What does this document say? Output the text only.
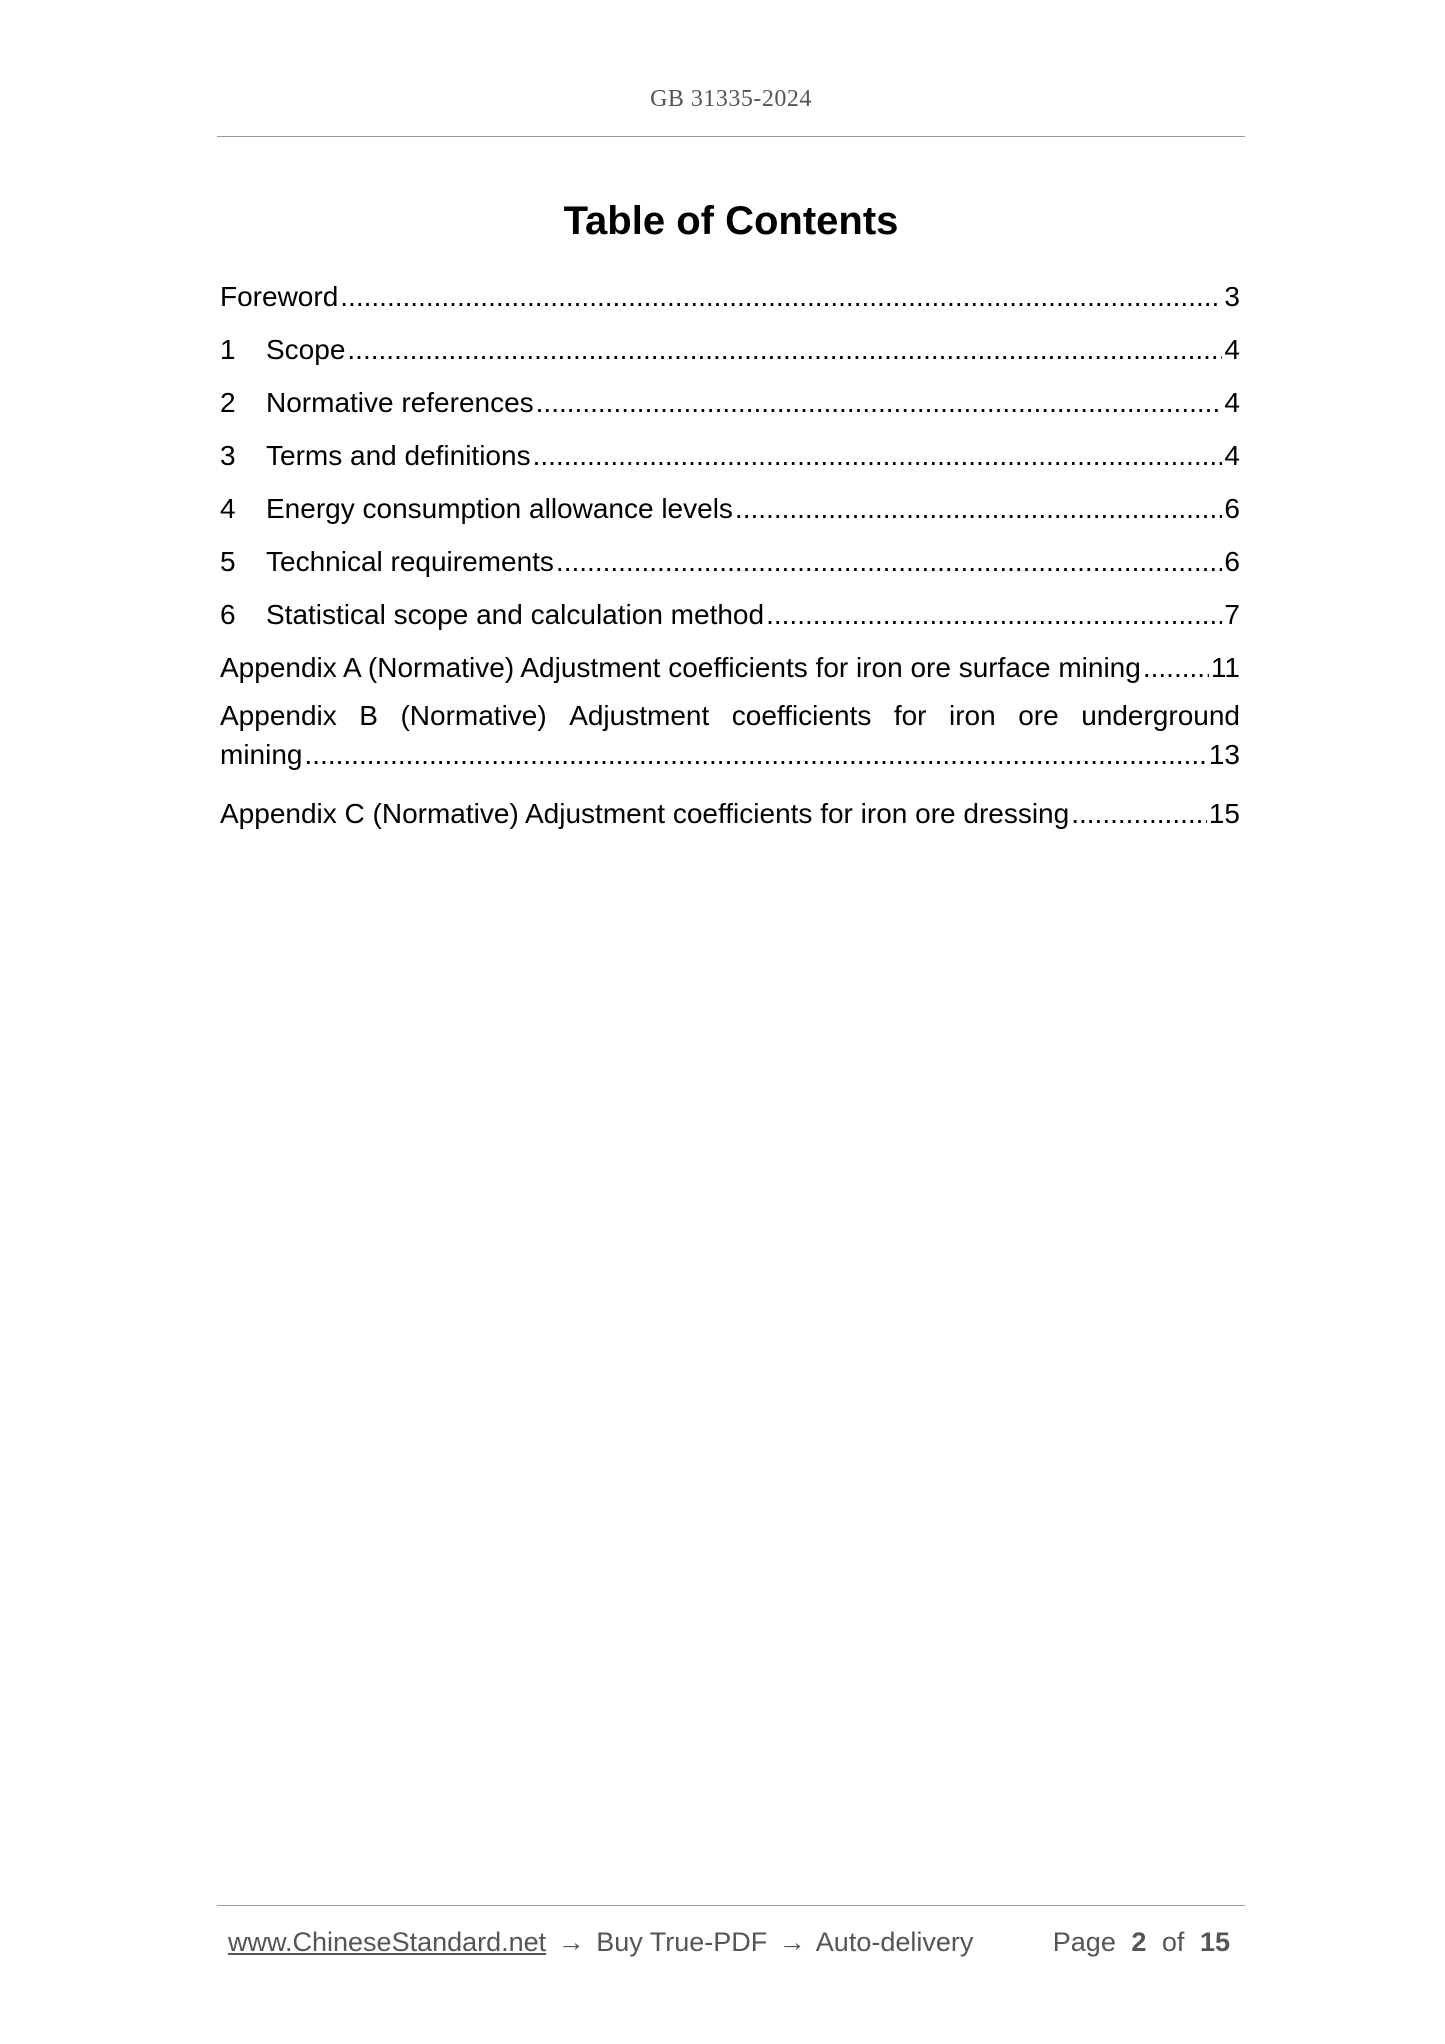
GB 31335-2024
Table of Contents
Foreword .....	3
1	Scope .....	4
2	Normative references .....	4
3	Terms and definitions .....	4
4	Energy consumption allowance levels .....	6
5	Technical requirements .....	6
6	Statistical scope and calculation method .....	7
Appendix A (Normative) Adjustment coefficients for iron ore surface mining .....	11
Appendix B (Normative) Adjustment coefficients for iron ore underground
mining .....	13
Appendix C (Normative) Adjustment coefficients for iron ore dressing .....	15
www.ChineseStandard.net → Buy True-PDF → Auto-delivery	Page 2 of 15
